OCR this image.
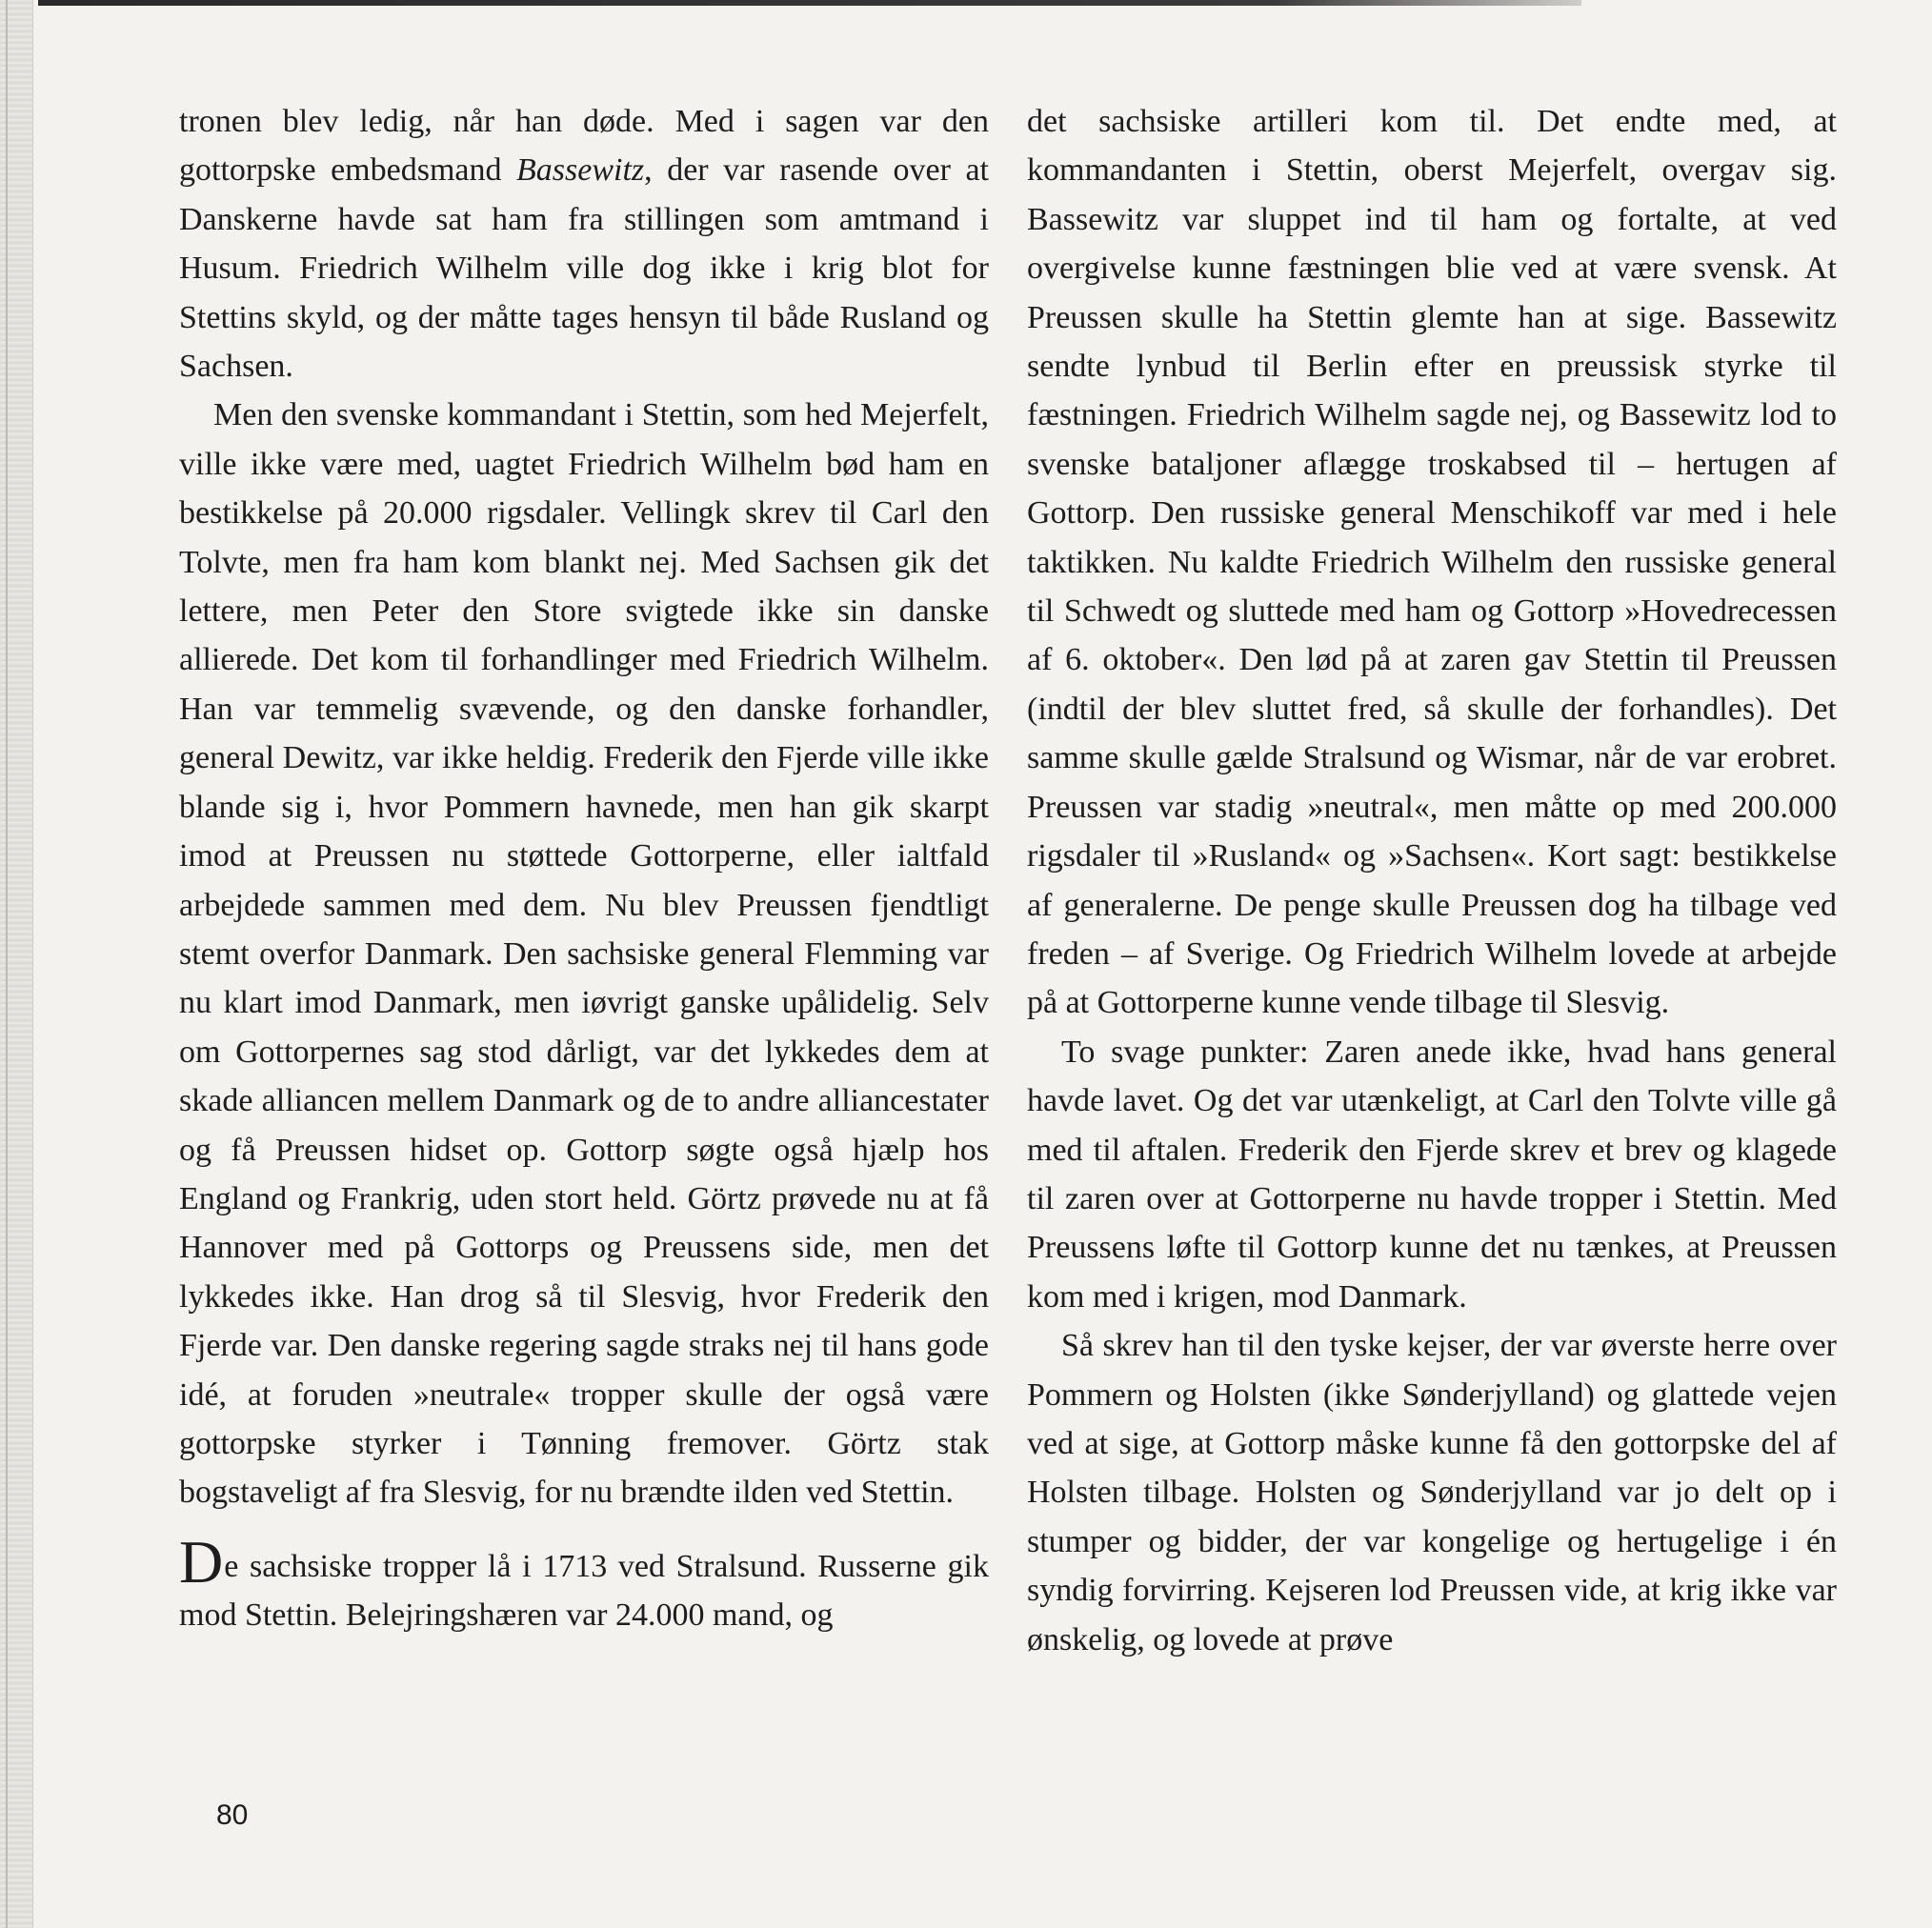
tronen blev ledig, når han døde. Med i sagen var den gottorpske embedsmand Bassewitz, der var rasende over at Danskerne havde sat ham fra stillingen som amtmand i Husum. Friedrich Wilhelm ville dog ikke i krig blot for Stettins skyld, og der måtte tages hensyn til både Rusland og Sachsen.

Men den svenske kommandant i Stettin, som hed Mejerfelt, ville ikke være med, uagtet Friedrich Wilhelm bød ham en bestikkelse på 20.000 rigsdaler. Vellingk skrev til Carl den Tolvte, men fra ham kom blankt nej. Med Sachsen gik det lettere, men Peter den Store svigtede ikke sin danske allierede. Det kom til forhandlinger med Friedrich Wilhelm. Han var temmelig svævende, og den danske forhandler, general Dewitz, var ikke heldig. Frederik den Fjerde ville ikke blande sig i, hvor Pommern havnede, men han gik skarpt imod at Preussen nu støttede Gottorperne, eller ialtfald arbejdede sammen med dem. Nu blev Preussen fjendtligt stemt overfor Danmark. Den sachsiske general Flemming var nu klart imod Danmark, men iøvrigt ganske upålidelig. Selv om Gottorpernes sag stod dårligt, var det lykkedes dem at skade alliancen mellem Danmark og de to andre alliancestater og få Preussen hidset op. Gottorp søgte også hjælp hos England og Frankrig, uden stort held. Görtz prøvede nu at få Hannover med på Gottorps og Preussens side, men det lykkedes ikke. Han drog så til Slesvig, hvor Frederik den Fjerde var. Den danske regering sagde straks nej til hans gode idé, at foruden »neutrale« tropper skulle der også være gottorpske styrker i Tønning fremover. Görtz stak bogstaveligt af fra Slesvig, for nu brændte ilden ved Stettin.

De sachsiske tropper lå i 1713 ved Stralsund. Russerne gik mod Stettin. Belejringshæren var 24.000 mand, og

det sachsiske artilleri kom til. Det endte med, at kommandanten i Stettin, oberst Mejerfelt, overgav sig. Bassewitz var sluppet ind til ham og fortalte, at ved overgivelse kunne fæstningen blie ved at være svensk. At Preussen skulle ha Stettin glemte han at sige. Bassewitz sendte lynbud til Berlin efter en preussisk styrke til fæstningen. Friedrich Wilhelm sagde nej, og Bassewitz lod to svenske bataljoner aflægge troskabsed til – hertugen af Gottorp. Den russiske general Menschikoff var med i hele taktikken. Nu kaldte Friedrich Wilhelm den russiske general til Schwedt og sluttede med ham og Gottorp »Hovedrecessen af 6. oktober«. Den lød på at zaren gav Stettin til Preussen (indtil der blev sluttet fred, så skulle der forhandles). Det samme skulle gælde Stralsund og Wismar, når de var erobret. Preussen var stadig »neutral«, men måtte op med 200.000 rigsdaler til »Rusland« og »Sachsen«. Kort sagt: bestikkelse af generalerne. De penge skulle Preussen dog ha tilbage ved freden – af Sverige. Og Friedrich Wilhelm lovede at arbejde på at Gottorperne kunne vende tilbage til Slesvig.

To svage punkter: Zaren anede ikke, hvad hans general havde lavet. Og det var utænkeligt, at Carl den Tolvte ville gå med til aftalen. Frederik den Fjerde skrev et brev og klagede til zaren over at Gottorperne nu havde tropper i Stettin. Med Preussens løfte til Gottorp kunne det nu tænkes, at Preussen kom med i krigen, mod Danmark.

Så skrev han til den tyske kejser, der var øverste herre over Pommern og Holsten (ikke Sønderjylland) og glattede vejen ved at sige, at Gottorp måske kunne få den gottorpske del af Holsten tilbage. Holsten og Sønderjylland var jo delt op i stumper og bidder, der var kongelige og hertugelige i én syndig forvirring. Kejseren lod Preussen vide, at krig ikke var ønskelig, og lovede at prøve

80
